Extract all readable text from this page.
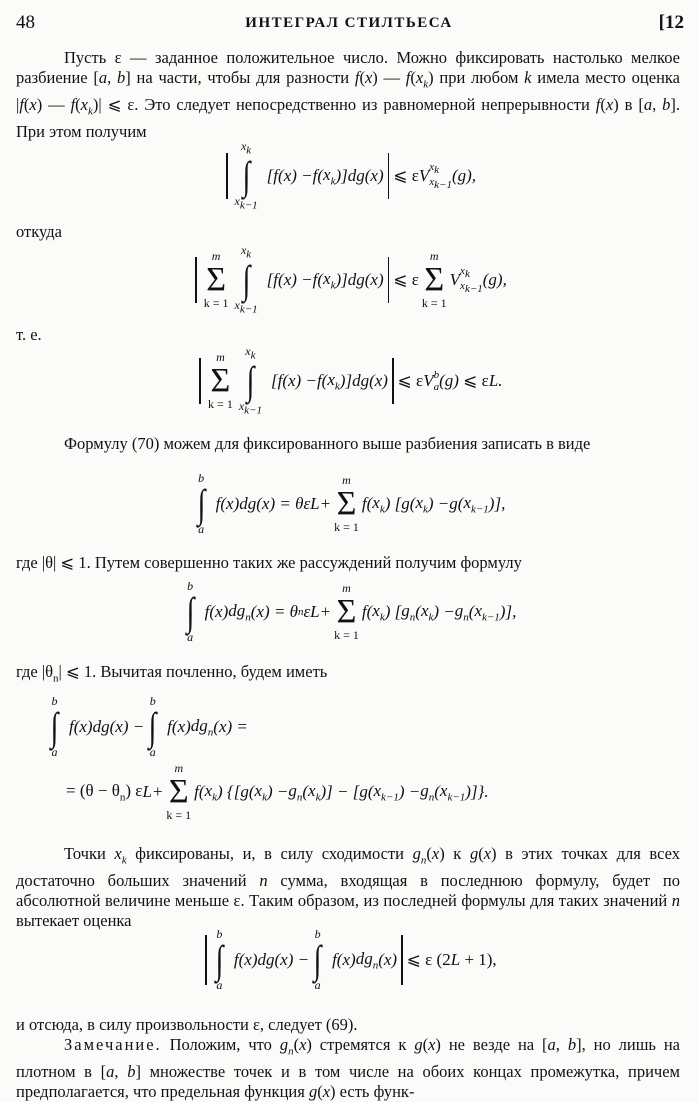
48	ИНТЕГРАЛ СТИЛТЬЕСА	[12
Пусть ε — заданное положительное число. Можно фиксировать настолько мелкое разбиение [a, b] на части, чтобы для разности f(x) — $f(x_k)$ при любом k имела место оценка |f(x) — $f(x_k)|$ ⩽ ε. Это следует непосредственно из равномерной непрерывности f(x) в [a, b]. При этом получим
$x_k$
∫
$x_{k-1}$
[ f ( x ) − f ( $x_k$ )] dg ( x ) ⩽ ε V $x_k$
$x_{k-1}$
( g ),
откуда
m
Σ
k = 1
$x_k$
∫
$x_{k-1}$
[ f ( x ) − f ( $x_k$ )] dg ( x ) ⩽ ε
m
Σ
k = 1
V $x_k$
$x_{k-1}$
( g ),
т. е.
m
Σ
k = 1
$x_k$
∫
$x_{k-1}$
[ f ( x ) − f ( $x_k$ )] dg ( x ) ⩽ ε V b
a ( g ) ⩽ ε L .
Формулу (70) можем для фиксированного выше разбиения записать в виде
b
∫
a
f ( x ) dg ( x ) = θε L +
m
Σ
k = 1
f ( $x_k$ ) [ g ( $x_k$ ) − g ( $x_{k-1}$ )],
где |θ| ⩽ 1. Путем совершенно таких же рассуждений получим формулу
b
∫
a
f ( x ) $dg_n$ ( x ) = θ n ε L +
m
Σ
k = 1
f ( $x_k$ ) [ $g_n$ ( $x_k$ ) − $g_n$ ( $x_{k-1}$ )],
где $|\theta_n|$ ⩽ 1. Вычитая почленно, будем иметь
b
∫
a
f ( x ) dg ( x ) −
b
∫
a
f ( x ) $dg_n$ ( x ) =
= $(\theta - \theta_n)$ ε L +
m
Σ
k = 1
f ( $x_k$ ) {[ g ( $x_k$ ) − $g_n$ ( $x_k$ )] − [ g ( $x_{k-1}$ ) − $g_n$ ( $x_{k-1}$ )]}.
Точки $x_k$ фиксированы, и, в силу сходимости $g_n(x)$ к g(x) в этих точках для всех достаточно больших значений n сумма, входящая в последнюю формулу, будет по абсолютной величине меньше ε. Таким образом, из последней формулы для таких значений n вытекает оценка
b
∫
a
f ( x ) dg ( x ) −
b
∫
a
f ( x ) $dg_n$ ( x ) ⩽ ε (2 L + 1),
и отсюда, в силу произвольности ε, следует (69).
Замечание. Положим, что $g_n(x)$ стремятся к g(x) не везде на [a, b], но лишь на плотном в [a, b] множестве точек и в том числе на обоих концах промежутка, причем предполагается, что предельная функция g(x) есть функ-
